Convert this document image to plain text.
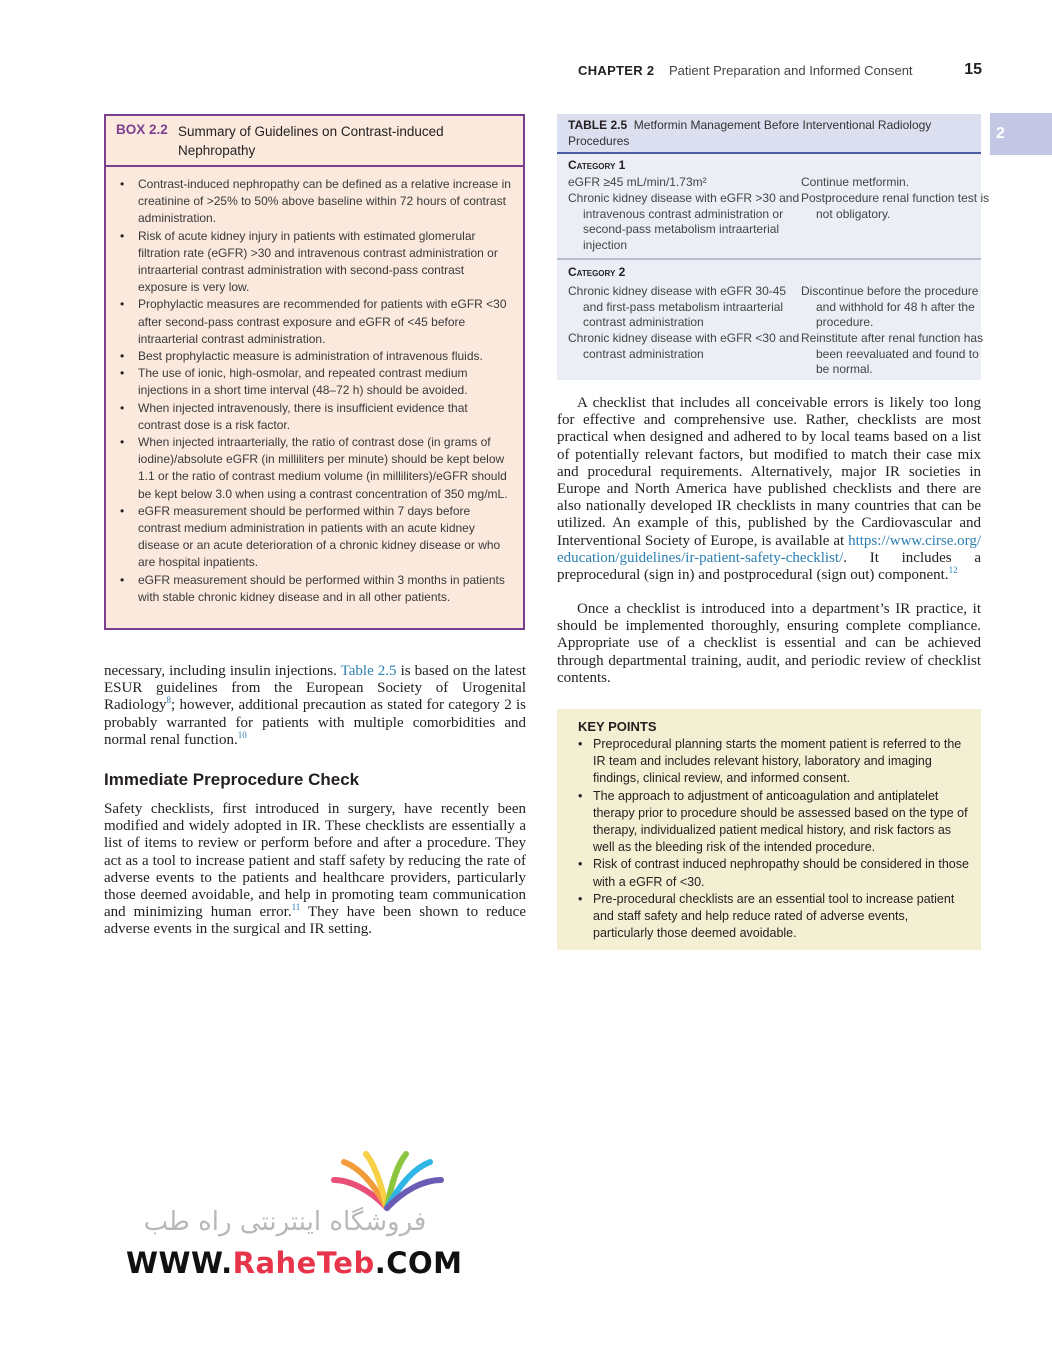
CHAPTER 2 Patient Preparation and Informed Consent	15
2
BOX 2.2 Summary of Guidelines on Contrast-induced Nephropathy
• Contrast-induced nephropathy can be defined as a relative increase in creatinine of >25% to 50% above baseline within 72 hours of contrast administration.
• Risk of acute kidney injury in patients with estimated glomerular filtration rate (eGFR) >30 and intravenous contrast administration or intraarterial contrast administration with second-pass contrast exposure is very low.
• Prophylactic measures are recommended for patients with eGFR <30 after second-pass contrast exposure and eGFR of <45 before intraarterial contrast administration.
• Best prophylactic measure is administration of intravenous fluids.
• The use of ionic, high-osmolar, and repeated contrast medium injections in a short time interval (48–72 h) should be avoided.
• When injected intravenously, there is insufficient evidence that contrast dose is a risk factor.
• When injected intraarterially, the ratio of contrast dose (in grams of iodine)/absolute eGFR (in milliliters per minute) should be kept below 1.1 or the ratio of contrast medium volume (in milliliters)/eGFR should be kept below 3.0 when using a contrast concentration of 350 mg/mL.
• eGFR measurement should be performed within 7 days before contrast medium administration in patients with an acute kidney disease or an acute deterioration of a chronic kidney disease or who are hospital inpatients.
• eGFR measurement should be performed within 3 months in patients with stable chronic kidney disease and in all other patients.
TABLE 2.5 Metformin Management Before Interventional Radiology Procedures
Category 1
eGFR ≥45 mL/min/1.73m²	Continue metformin.
Chronic kidney disease with eGFR >30 and intravenous contrast administration or second-pass metabolism intraarterial injection
Postprocedure renal function test is not obligatory.
Category 2
Chronic kidney disease with eGFR 30-45 and first-pass metabolism intraarterial contrast administration
Discontinue before the procedure and withhold for 48 h after the procedure.
Chronic kidney disease with eGFR <30 and contrast administration
Reinstitute after renal function has been reevaluated and found to be normal.

necessary, including insulin injections. Table 2.5 is based on the latest ESUR guidelines from the European Society of Urogenital Radiology$^8$; however, additional precaution as stated for category 2 is probably warranted for patients with multiple comorbidities and normal renal function.$^{10}$

Immediate Preprocedure Check

Safety checklists, first introduced in surgery, have recently been modified and widely adopted in IR. These checklists are essentially a list of items to review or perform before and after a procedure. They act as a tool to increase patient and staff safety by reducing the rate of adverse events to the patients and healthcare providers, particularly those deemed avoidable, and help in promoting team communication and minimizing human error.$^{11}$ They have been shown to reduce adverse events in the surgical and IR setting.

A checklist that includes all conceivable errors is likely too long for effective and comprehensive use. Rather, checklists are most practical when designed and adhered to by local teams based on a list of potentially relevant factors, but modified to match their case mix and procedural requirements. Alternatively, major IR societies in Europe and North America have published checklists and there are also nationally developed IR checklists in many countries that can be utilized. An example of this, published by the Cardiovascular and Interventional Society of Europe, is available at https://www.cirse.org/education/guidelines/ir-patient-safety-checklist/. It includes a preprocedural (sign in) and postprocedural (sign out) component.$^{12}$

Once a checklist is introduced into a department’s IR practice, it should be implemented thoroughly, ensuring complete compliance. Appropriate use of a checklist is essential and can be achieved through departmental training, audit, and periodic review of checklist contents.

KEY POINTS
• Preprocedural planning starts the moment patient is referred to the IR team and includes relevant history, laboratory and imaging findings, clinical review, and informed consent.
• The approach to adjustment of anticoagulation and antiplatelet therapy prior to procedure should be assessed based on the type of therapy, individualized patient medical history, and risk factors as well as the bleeding risk of the intended procedure.
• Risk of contrast induced nephropathy should be considered in those with a eGFR of <30.
• Pre-procedural checklists are an essential tool to increase patient and staff safety and help reduce rated of adverse events, particularly those deemed avoidable.
فروشگاه اینترنتی راه طب
WWW.RaheTeb.COM
